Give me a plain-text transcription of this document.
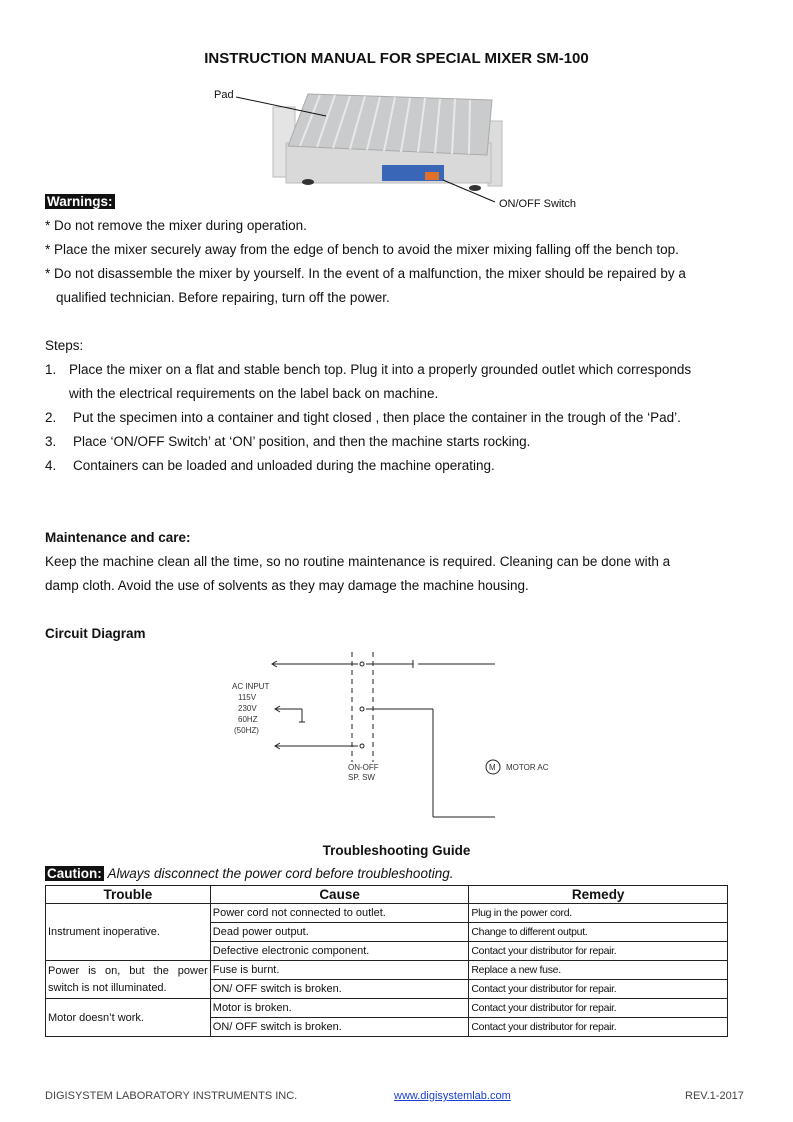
INSTRUCTION MANUAL FOR SPECIAL MIXER SM-100
Pad
ON/OFF Switch
Warnings:
* Do not remove the mixer during operation.
* Place the mixer securely away from the edge of bench to avoid the mixer mixing falling off the bench top.
* Do not disassemble the mixer by yourself. In the event of a malfunction, the mixer should be repaired by a
qualified technician. Before repairing, turn off the power.
Steps:
1. Place the mixer on a flat and stable bench top. Plug it into a properly grounded outlet which corresponds
with the electrical requirements on the label back on machine.
2. Put the specimen into a container and tight closed , then place the container in the trough of the ‘Pad’.
3. Place ‘ON/OFF Switch’ at ‘ON’ position, and then the machine starts rocking.
4. Containers can be loaded and unloaded during the machine operating.
Maintenance and care:
Keep the machine clean all the time, so no routine maintenance is required. Cleaning can be done with a
damp cloth. Avoid the use of solvents as they may damage the machine housing.
Circuit Diagram
AC INPUT
115V
230V
60HZ
(50HZ)
ON-OFF
SP. SW
M MOTOR AC
Troubleshooting Guide
Caution: Always disconnect the power cord before troubleshooting.
Trouble	Cause	Remedy
Instrument inoperative.	Power cord not connected to outlet.	Plug in the power cord.
	Dead power output.	Change to different output.
	Defective electronic component.	Contact your distributor for repair.
Power is on, but the power switch is not illuminated.	Fuse is burnt.	Replace a new fuse.
	ON/ OFF switch is broken.	Contact your distributor for repair.
Motor doesn’t work.	Motor is broken.	Contact your distributor for repair.
	ON/ OFF switch is broken.	Contact your distributor for repair.
DIGISYSTEM LABORATORY INSTRUMENTS INC.	www.digisystemlab.com	REV.1-2017
